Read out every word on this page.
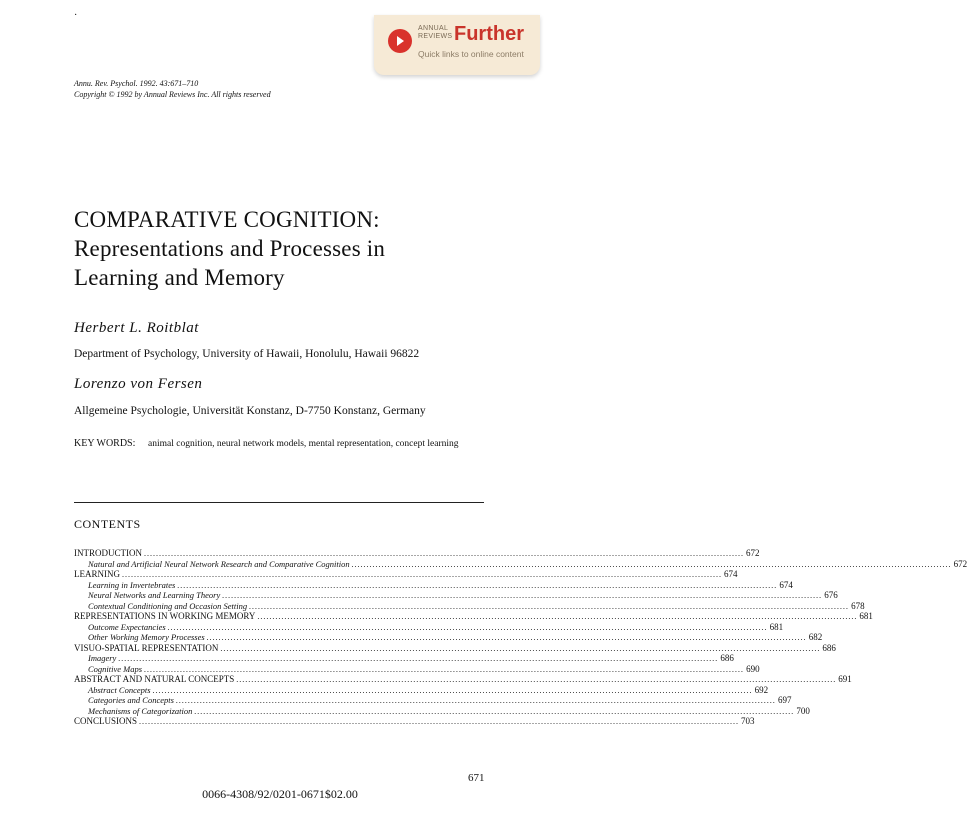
·
ANNUAL
REVIEWS Further
Quick links to online content
Annu. Rev. Psychol. 1992. 43:671–710
Copyright © 1992 by Annual Reviews Inc. All rights reserved
COMPARATIVE COGNITION:
Representations and Processes in
Learning and Memory
Herbert L. Roitblat
Department of Psychology, University of Hawaii, Honolulu, Hawaii 96822
Lorenzo von Fersen
Allgemeine Psychologie, Universität Konstanz, D-7750 Konstanz, Germany
KEY WORDS: animal cognition, neural network models, mental representation, concept learning
CONTENTS
INTRODUCTION ........................................................................................................................................................................................................ 672
Natural and Artificial Neural Network Research and Comparative Cognition ........................................................................................................................................................................................................ 672
LEARNING ........................................................................................................................................................................................................ 674
Learning in Invertebrates ........................................................................................................................................................................................................ 674
Neural Networks and Learning Theory ........................................................................................................................................................................................................ 676
Contextual Conditioning and Occasion Setting ........................................................................................................................................................................................................ 678
REPRESENTATIONS IN WORKING MEMORY ........................................................................................................................................................................................................ 681
Outcome Expectancies ........................................................................................................................................................................................................ 681
Other Working Memory Processes ........................................................................................................................................................................................................ 682
VISUO-SPATIAL REPRESENTATION ........................................................................................................................................................................................................ 686
Imagery ........................................................................................................................................................................................................ 686
Cognitive Maps ........................................................................................................................................................................................................ 690
ABSTRACT AND NATURAL CONCEPTS ........................................................................................................................................................................................................ 691
Abstract Concepts ........................................................................................................................................................................................................ 692
Categories and Concepts ........................................................................................................................................................................................................ 697
Mechanisms of Categorization ........................................................................................................................................................................................................ 700
CONCLUSIONS ........................................................................................................................................................................................................ 703
671
0066-4308/92/0201-0671$02.00
